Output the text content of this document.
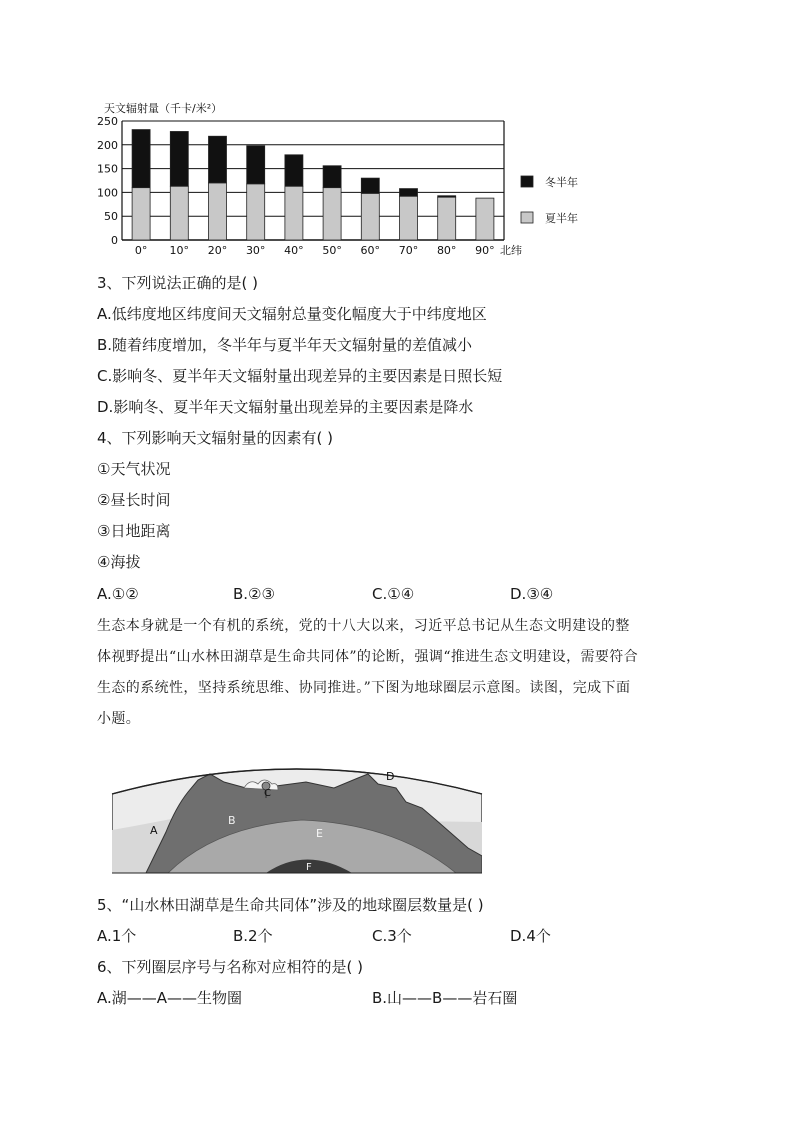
天文辐射量（千卡/米²）
0
50
100
150
200
250
0° 10° 20° 30° 40° 50° 60° 70° 80° 90° 北纬
冬半年
夏半年
3、下列说法正确的是( )
A.低纬度地区纬度间天文辐射总量变化幅度大于中纬度地区
B.随着纬度增加，冬半年与夏半年天文辐射量的差值减小
C.影响冬、夏半年天文辐射量出现差异的主要因素是日照长短
D.影响冬、夏半年天文辐射量出现差异的主要因素是降水
4、下列影响天文辐射量的因素有( )
①天气状况
②昼长时间
③日地距离
④海拔
A.①②	B.②③	C.①④	D.③④
生态本身就是一个有机的系统，党的十八大以来，习近平总书记从生态文明建设的整
体视野提出“山水林田湖草是生命共同体”的论断，强调“推进生态文明建设，需要符合
生态的系统性，坚持系统思维、协同推进。”下图为地球圈层示意图。读图，完成下面
小题。
A
B
C
D
E
F
5、“山水林田湖草是生命共同体”涉及的地球圈层数量是( )
A.1个	B.2个	C.3个	D.4个
6、下列圈层序号与名称对应相符的是( )
A.湖——A——生物圈	B.山——B——岩石圈
